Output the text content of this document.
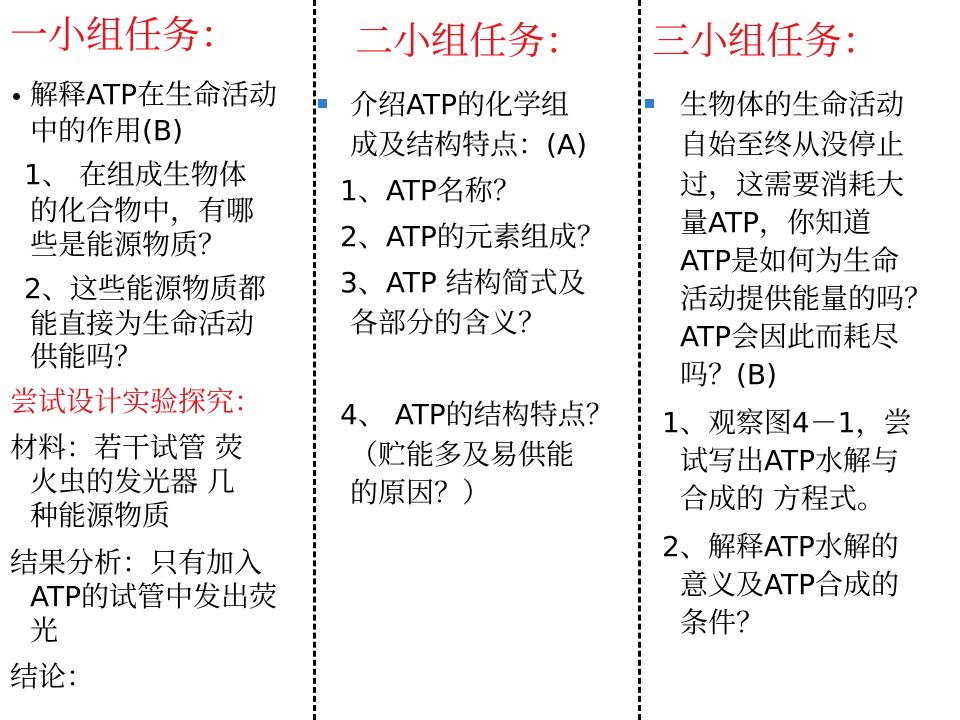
一小组任务：	二小组任务： 三小组任务：
解释ATP在生命活动
中的作用(B)
1、 在组成生物体
的化合物中，有哪
些是能源物质？
2、这些能源物质都
能直接为生命活动
供能吗？
尝试设计实验探究：
材料：若干试管 荧
火虫的发光器 几
种能源物质
结果分析：只有加入
ATP的试管中发出荧
光
结论：
介绍ATP的化学组
成及结构特点：(A)
1、ATP名称？
2、ATP的元素组成？
3、ATP 结构简式及
各部分的含义？
4、 ATP的结构特点？
（贮能多及易供能
的原因？）
生物体的生命活动
自始至终从没停止
过，这需要消耗大
量ATP，你知道
ATP是如何为生命
活动提供能量的吗？
ATP会因此而耗尽
吗？(B)
1、观察图4－1，尝
试写出ATP水解与
合成的 方程式。
2、解释ATP水解的
意义及ATP合成的
条件？
